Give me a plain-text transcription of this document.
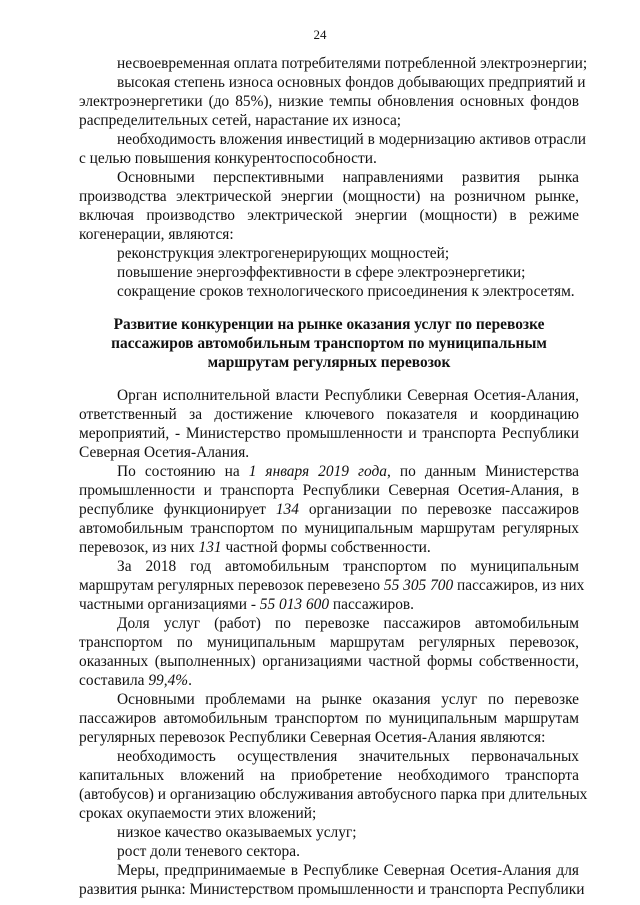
24
несвоевременная оплата потребителями потребленной электроэнергии;
высокая степень износа основных фондов добывающих предприятий и
электроэнергетики (до 85%), низкие темпы обновления основных фондов
распределительных сетей, нарастание их износа;
необходимость вложения инвестиций в модернизацию активов отрасли
с целью повышения конкурентоспособности.
Основными перспективными направлениями развития рынка
производства электрической энергии (мощности) на розничном рынке,
включая производство электрической энергии (мощности) в режиме
когенерации, являются:
реконструкция электрогенерирующих мощностей;
повышение энергоэффективности в сфере электроэнергетики;
сокращение сроков технологического присоединения к электросетям.
Развитие конкуренции на рынке оказания услуг по перевозке
пассажиров автомобильным транспортом по муниципальным
маршрутам регулярных перевозок
Орган исполнительной власти Республики Северная Осетия-Алания,
ответственный за достижение ключевого показателя и координацию
мероприятий, - Министерство промышленности и транспорта Республики
Северная Осетия-Алания.
По состоянию на 1 января 2019 года, по данным Министерства
промышленности и транспорта Республики Северная Осетия-Алания, в
республике функционирует 134 организации по перевозке пассажиров
автомобильным транспортом по муниципальным маршрутам регулярных
перевозок, из них 131 частной формы собственности.
За 2018 год автомобильным транспортом по муниципальным
маршрутам регулярных перевозок перевезено 55 305 700 пассажиров, из них
частными организациями - 55 013 600 пассажиров.
Доля услуг (работ) по перевозке пассажиров автомобильным
транспортом по муниципальным маршрутам регулярных перевозок,
оказанных (выполненных) организациями частной формы собственности,
составила 99,4%.
Основными проблемами на рынке оказания услуг по перевозке
пассажиров автомобильным транспортом по муниципальным маршрутам
регулярных перевозок Республики Северная Осетия-Алания являются:
необходимость осуществления значительных первоначальных
капитальных вложений на приобретение необходимого транспорта
(автобусов) и организацию обслуживания автобусного парка при длительных
сроках окупаемости этих вложений;
низкое качество оказываемых услуг;
рост доли теневого сектора.
Меры, предпринимаемые в Республике Северная Осетия-Алания для
развития рынка: Министерством промышленности и транспорта Республики
